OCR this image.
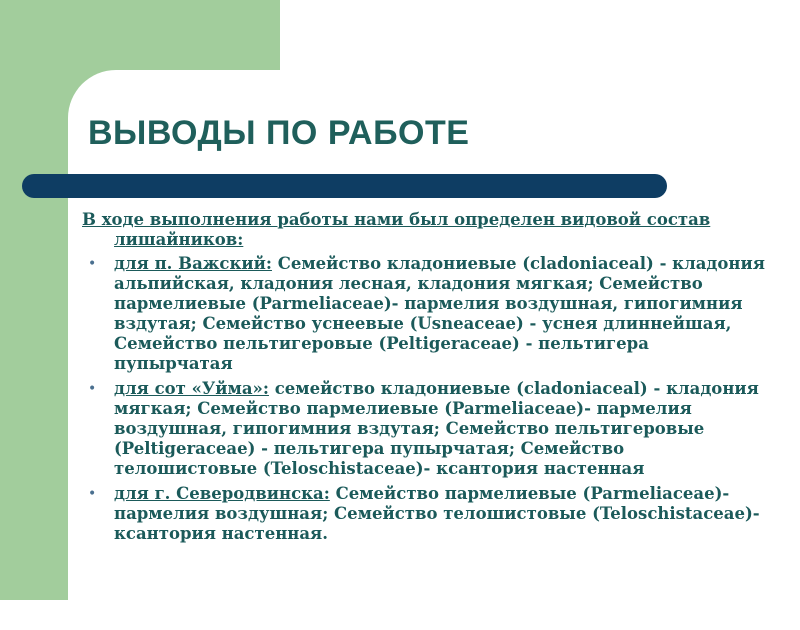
ВЫВОДЫ ПО РАБОТЕ

В ходе выполнения работы нами был определен видовой состав лишайников:

• для п. Важский: Семейство кладониевые (cladoniaceal) - кладония альпийская, кладония лесная, кладония мягкая; Семейство пармелиевые (Parmeliaceae)- пармелия воздушная, гипогимния вздутая; Семейство уснеевые (Usneaceae) - уснея длиннейшая, Семейство пельтигеровые (Peltigeraceae) - пельтигера пупырчатая
• для сот «Уйма»: семейство кладониевые (cladoniaceal) - кладония мягкая; Семейство пармелиевые (Parmeliaceae)- пармелия воздушная, гипогимния вздутая; Семейство пельтигеровые (Peltigeraceae) - пельтигера пупырчатая; Семейство телошистовые (Teloschistaceae)- ксантория настенная
• для г. Северодвинска: Семейство пармелиевые (Parmeliaceae)- пармелия воздушная; Семейство телошистовые (Teloschistaceae)- ксантория настенная.
